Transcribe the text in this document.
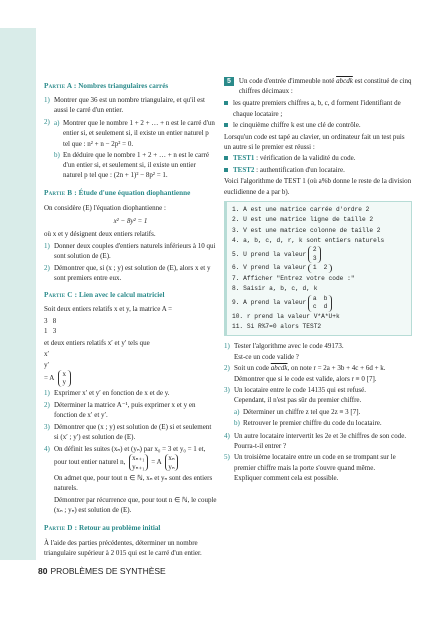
Partie A : Nombres triangulaires carrés
1) Montrer que 36 est un nombre triangulaire, et qu'il est aussi le carré d'un entier.
2) a) Montrer que le nombre 1 + 2 + … + n est le carré d'un entier si, et seulement si, il existe un entier naturel p tel que : n² + n − 2p² = 0.
b) En déduire que le nombre 1 + 2 + … + n est le carré d'un entier si, et seulement si, il existe un entier naturel p tel que : (2n + 1)² − 8p² = 1.
Partie B : Étude d'une équation diophantienne

On considère (E) l'équation diophantienne :

x² − 8y² = 1

où x et y désignent deux entiers relatifs.

1) Donner deux couples d'entiers naturels inférieurs à 10 qui sont solution de (E).
2) Démontrer que, si (x ; y) est solution de (E), alors x et y sont premiers entre eux.
Partie C : Lien avec le calcul matriciel

Soit deux entiers relatifs x et y, la matrice A =

3 8
1 3

et deux entiers relatifs x′ et y′ tels que

x′
y′
= A
x
y

1) Exprimer x′ et y′ en fonction de x et de y.
2) Déterminer la matrice A⁻¹, puis exprimer x et y en fonction de x′ et y′.
3) Démontrer que (x ; y) est solution de (E) si et seulement si (x′ ; y′) est solution de (E).
4) On définit les suites (xₙ) et (yₙ) par x₀ = 3 et y₀ = 1 et, pour tout entier naturel n,
xₙ₊₁
yₙ₊₁
= A
xₙ
yₙ

On admet que, pour tout n ∈ ℕ, xₙ et yₙ sont des entiers naturels.

Démontrer par récurrence que, pour tout n ∈ ℕ, le couple (xₙ ; yₙ) est solution de (E).

Partie D : Retour au problème initial

À l'aide des parties précédentes, déterminer un nombre triangulaire supérieur à 2 015 qui est le carré d'un entier.

5	Un code d'entrée d'immeuble noté abcdk est constitué de cinq chiffres décimaux :
les quatre premiers chiffres a, b, c, d forment l'identifiant de chaque locataire ;
le cinquième chiffre k est une clé de contrôle.

Lorsqu'un code est tapé au clavier, un ordinateur fait un test puis un autre si le premier est réussi :

TEST1 : vérification de la validité du code.
TEST2 : authentification d'un locataire.

Voici l'algorithme de TEST 1 (où a%b donne le reste de la division euclidienne de a par b).

1. A est une matrice carrée d'ordre 2
2. U est une matrice ligne de taille 2
3. V est une matrice colonne de taille 2
4. a, b, c, d, r, k sont entiers naturels
5. U prend la valeur
2
3
6. V prend la valeur 1 2
7. Afficher "Entrez votre code :"
8. Saisir a, b, c, d, k
9. A prend la valeur
a b
c d
10. r prend la valeur V*A*U+k
11. Si R%7=0 alors TEST2
1) Tester l'algorithme avec le code 49173.
Est-ce un code valide ?
2) Soit un code abcdk, on note r = 2a + 3b + 4c + 6d + k.
Démontrer que si le code est valide, alors r ≡ 0 [7].
3) Un locataire entre le code 14135 qui est refusé.
Cependant, il n'est pas sûr du premier chiffre.
a) Déterminer un chiffre z tel que 2z ≡ 3 [7].
b) Retrouver le premier chiffre du code du locataire.
4) Un autre locataire intervertit les 2e et 3e chiffres de son code. Pourra-t-il entrer ?
5) Un troisième locataire entre un code en se trompant sur le premier chiffre mais la porte s'ouvre quand même.
Expliquer comment cela est possible.
80 PROBLÈMES DE SYNTHÈSE
